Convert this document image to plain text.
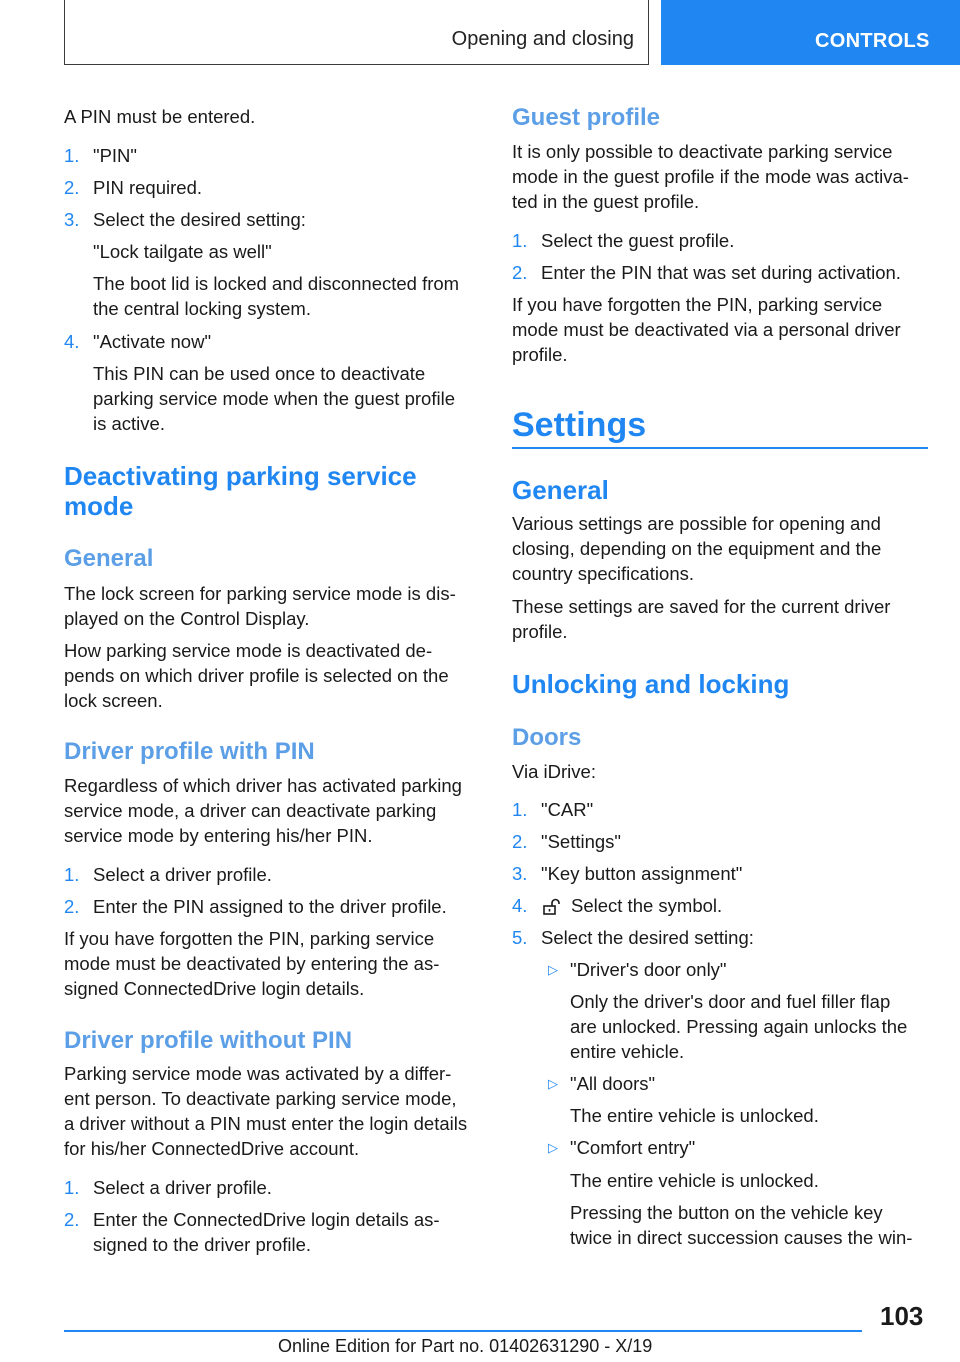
Opening and closing	CONTROLS
A PIN must be entered.
1. "PIN"
2. PIN required.
3. Select the desired setting:
"Lock tailgate as well"
The boot lid is locked and disconnected from
the central locking system.
4. "Activate now"
This PIN can be used once to deactivate
parking service mode when the guest profile
is active.
Deactivating parking service
mode
General
The lock screen for parking service mode is dis-
played on the Control Display.
How parking service mode is deactivated de-
pends on which driver profile is selected on the
lock screen.
Driver profile with PIN
Regardless of which driver has activated parking
service mode, a driver can deactivate parking
service mode by entering his/her PIN.
1. Select a driver profile.
2. Enter the PIN assigned to the driver profile.
If you have forgotten the PIN, parking service
mode must be deactivated by entering the as-
signed ConnectedDrive login details.
Driver profile without PIN
Parking service mode was activated by a differ-
ent person. To deactivate parking service mode,
a driver without a PIN must enter the login details
for his/her ConnectedDrive account.
1. Select a driver profile.
2. Enter the ConnectedDrive login details as-
signed to the driver profile.
Guest profile
It is only possible to deactivate parking service
mode in the guest profile if the mode was activa-
ted in the guest profile.
1. Select the guest profile.
2. Enter the PIN that was set during activation.
If you have forgotten the PIN, parking service
mode must be deactivated via a personal driver
profile.
Settings
General
Various settings are possible for opening and
closing, depending on the equipment and the
country specifications.
These settings are saved for the current driver
profile.
Unlocking and locking
Doors
Via iDrive:
1. "CAR"
2. "Settings"
3. "Key button assignment"
4. Select the symbol.
5. Select the desired setting:
▷ "Driver's door only"
Only the driver's door and fuel filler flap
are unlocked. Pressing again unlocks the
entire vehicle.
▷ "All doors"
The entire vehicle is unlocked.
▷ "Comfort entry"
The entire vehicle is unlocked.
Pressing the button on the vehicle key
twice in direct succession causes the win-
103
Online Edition for Part no. 01402631290 - X/19
